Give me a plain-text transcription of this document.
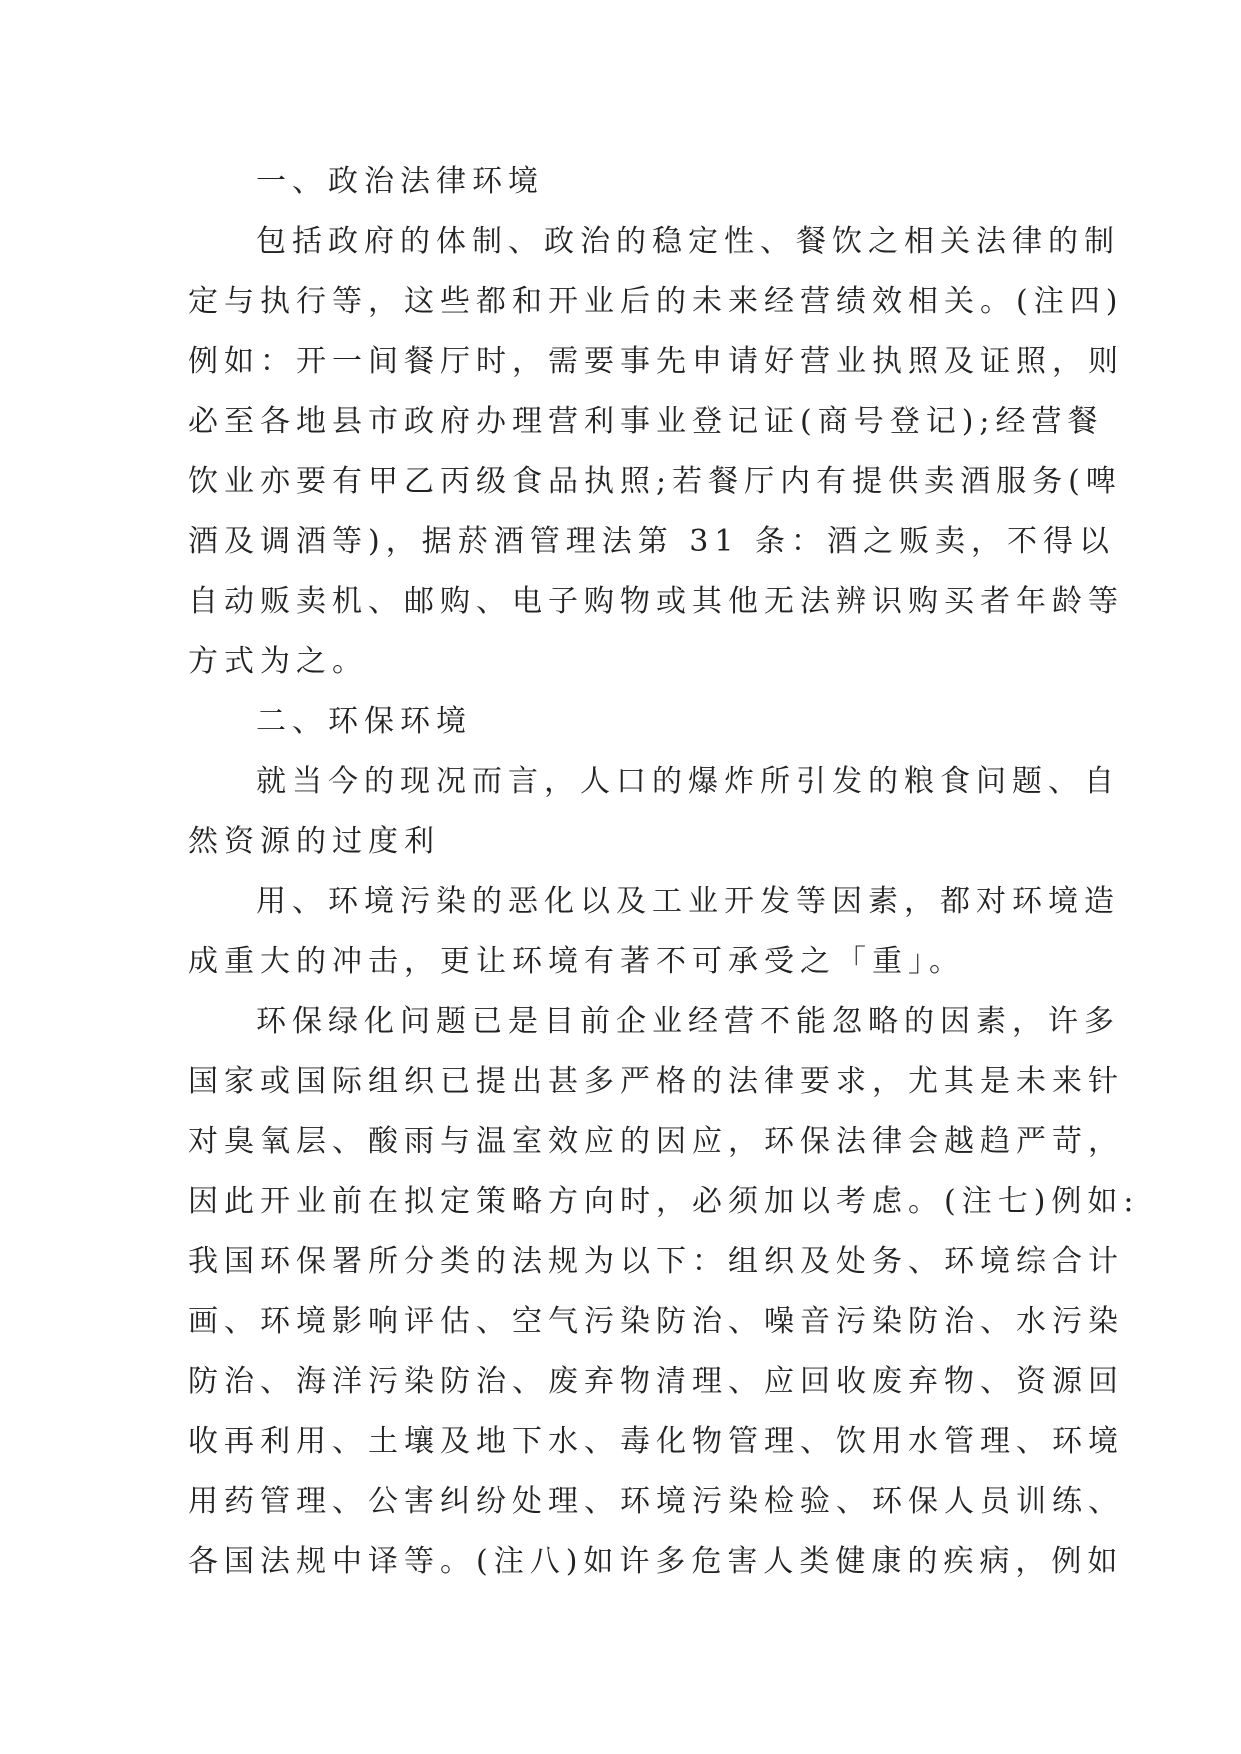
一、政治法律环境

包括政府的体制、政治的稳定性、餐饮之相关法律的制

定与执行等，这些都和开业后的未来经营绩效相关。(注四)

例如：开一间餐厅时，需要事先申请好营业执照及证照，则

必至各地县市政府办理营利事业登记证(商号登记);经营餐

饮业亦要有甲乙丙级食品执照;若餐厅内有提供卖酒服务(啤

酒及调酒等)，据菸酒管理法第 31 条：酒之贩卖，不得以

自动贩卖机、邮购、电子购物或其他无法辨识购买者年龄等

方式为之。

二、环保环境

就当今的现况而言，人口的爆炸所引发的粮食问题、自

然资源的过度利

用、环境污染的恶化以及工业开发等因素，都对环境造

成重大的冲击，更让环境有著不可承受之「重」。

环保绿化问题已是目前企业经营不能忽略的因素，许多

国家或国际组织已提出甚多严格的法律要求，尤其是未来针

对臭氧层、酸雨与温室效应的因应，环保法律会越趋严苛，

因此开业前在拟定策略方向时，必须加以考虑。(注七)例如:

我国环保署所分类的法规为以下：组织及处务、环境综合计

画、环境影响评估、空气污染防治、噪音污染防治、水污染

防治、海洋污染防治、废弃物清理、应回收废弃物、资源回

收再利用、土壤及地下水、毒化物管理、饮用水管理、环境

用药管理、公害纠纷处理、环境污染检验、环保人员训练、

各国法规中译等。(注八)如许多危害人类健康的疾病，例如
